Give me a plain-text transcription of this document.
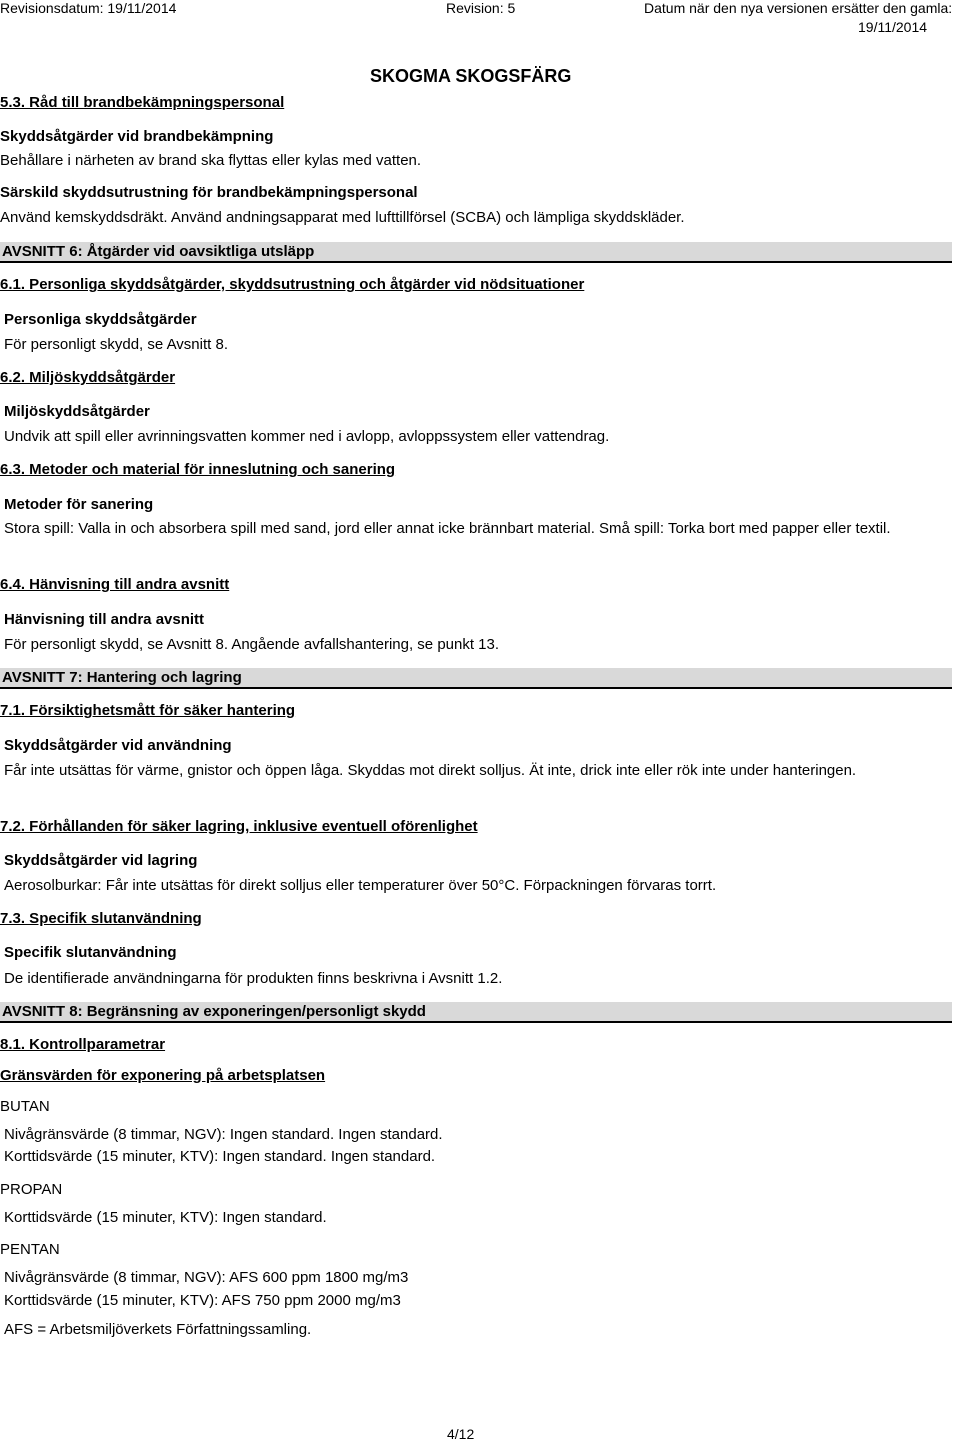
Revisionsdatum: 19/11/2014	Revision: 5	Datum när den nya versionen ersätter den gamla:
19/11/2014
SKOGMA SKOGSFÄRG
5.3. Råd till brandbekämpningspersonal
Skyddsåtgärder vid brandbekämpning
Behållare i närheten av brand ska flyttas eller kylas med vatten.
Särskild skyddsutrustning för brandbekämpningspersonal
Använd kemskyddsdräkt. Använd andningsapparat med lufttillförsel (SCBA) och lämpliga skyddskläder.
AVSNITT 6: Åtgärder vid oavsiktliga utsläpp
6.1. Personliga skyddsåtgärder, skyddsutrustning och åtgärder vid nödsituationer
Personliga skyddsåtgärder
För personligt skydd, se Avsnitt 8.
6.2. Miljöskyddsåtgärder
Miljöskyddsåtgärder
Undvik att spill eller avrinningsvatten kommer ned i avlopp, avloppssystem eller vattendrag.
6.3. Metoder och material för inneslutning och sanering
Metoder för sanering
Stora spill: Valla in och absorbera spill med sand, jord eller annat icke brännbart material. Små spill: Torka bort med papper eller textil.
6.4. Hänvisning till andra avsnitt
Hänvisning till andra avsnitt
För personligt skydd, se Avsnitt 8. Angående avfallshantering, se punkt 13.
AVSNITT 7: Hantering och lagring
7.1. Försiktighetsmått för säker hantering
Skyddsåtgärder vid användning
Får inte utsättas för värme, gnistor och öppen låga. Skyddas mot direkt solljus. Ät inte, drick inte eller rök inte under hanteringen.
7.2. Förhållanden för säker lagring, inklusive eventuell oförenlighet
Skyddsåtgärder vid lagring
Aerosolburkar: Får inte utsättas för direkt solljus eller temperaturer över 50°C. Förpackningen förvaras torrt.
7.3. Specifik slutanvändning
Specifik slutanvändning
De identifierade användningarna för produkten finns beskrivna i Avsnitt 1.2.
AVSNITT 8: Begränsning av exponeringen/personligt skydd
8.1. Kontrollparametrar
Gränsvärden för exponering på arbetsplatsen
BUTAN
Nivågränsvärde (8 timmar, NGV): Ingen standard. Ingen standard.
Korttidsvärde (15 minuter, KTV): Ingen standard. Ingen standard.
PROPAN
Korttidsvärde (15 minuter, KTV): Ingen standard.
PENTAN
Nivågränsvärde (8 timmar, NGV): AFS 600 ppm 1800 mg/m3
Korttidsvärde (15 minuter, KTV): AFS 750 ppm 2000 mg/m3
AFS = Arbetsmiljöverkets Författningssamling.
4/12
